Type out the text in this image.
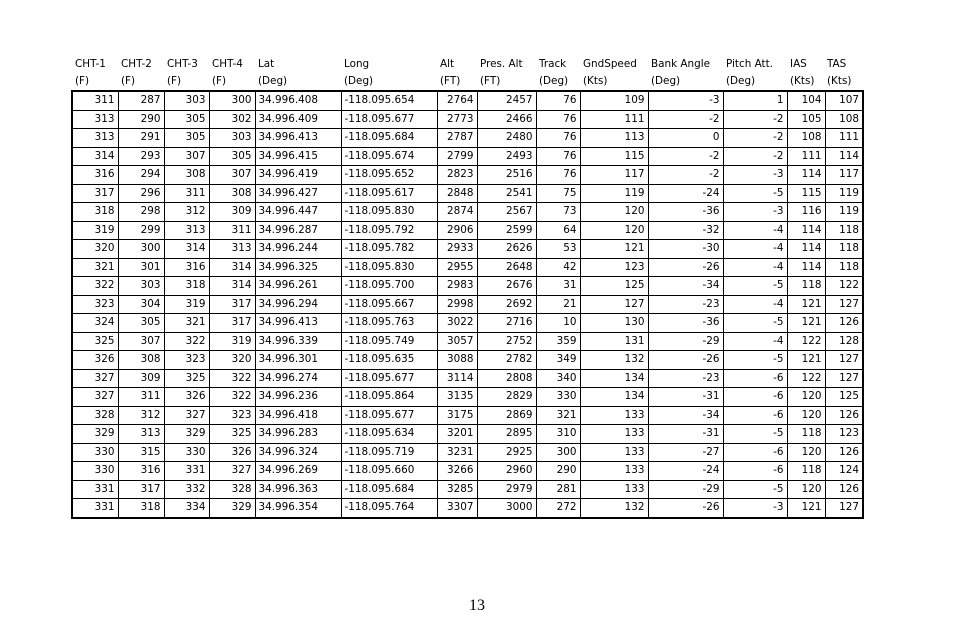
CHT-1	CHT-2	CHT-3	CHT-4	Lat	Long	Alt	Pres. Alt	Track	GndSpeed	Bank Angle	Pitch Att.	IAS	TAS
(F)	(F)	(F)	(F)	(Deg)	(Deg)	(FT)	(FT)	(Deg)	(Kts)	(Deg)	(Deg)	(Kts)	(Kts)
311	287	303	300	34.996.408	-118.095.654	2764	2457	76	109	-3	1	104	107
313	290	305	302	34.996.409	-118.095.677	2773	2466	76	111	-2	-2	105	108
313	291	305	303	34.996.413	-118.095.684	2787	2480	76	113	0	-2	108	111
314	293	307	305	34.996.415	-118.095.674	2799	2493	76	115	-2	-2	111	114
316	294	308	307	34.996.419	-118.095.652	2823	2516	76	117	-2	-3	114	117
317	296	311	308	34.996.427	-118.095.617	2848	2541	75	119	-24	-5	115	119
318	298	312	309	34.996.447	-118.095.830	2874	2567	73	120	-36	-3	116	119
319	299	313	311	34.996.287	-118.095.792	2906	2599	64	120	-32	-4	114	118
320	300	314	313	34.996.244	-118.095.782	2933	2626	53	121	-30	-4	114	118
321	301	316	314	34.996.325	-118.095.830	2955	2648	42	123	-26	-4	114	118
322	303	318	314	34.996.261	-118.095.700	2983	2676	31	125	-34	-5	118	122
323	304	319	317	34.996.294	-118.095.667	2998	2692	21	127	-23	-4	121	127
324	305	321	317	34.996.413	-118.095.763	3022	2716	10	130	-36	-5	121	126
325	307	322	319	34.996.339	-118.095.749	3057	2752	359	131	-29	-4	122	128
326	308	323	320	34.996.301	-118.095.635	3088	2782	349	132	-26	-5	121	127
327	309	325	322	34.996.274	-118.095.677	3114	2808	340	134	-23	-6	122	127
327	311	326	322	34.996.236	-118.095.864	3135	2829	330	134	-31	-6	120	125
328	312	327	323	34.996.418	-118.095.677	3175	2869	321	133	-34	-6	120	126
329	313	329	325	34.996.283	-118.095.634	3201	2895	310	133	-31	-5	118	123
330	315	330	326	34.996.324	-118.095.719	3231	2925	300	133	-27	-6	120	126
330	316	331	327	34.996.269	-118.095.660	3266	2960	290	133	-24	-6	118	124
331	317	332	328	34.996.363	-118.095.684	3285	2979	281	133	-29	-5	120	126
331	318	334	329	34.996.354	-118.095.764	3307	3000	272	132	-26	-3	121	127
13
